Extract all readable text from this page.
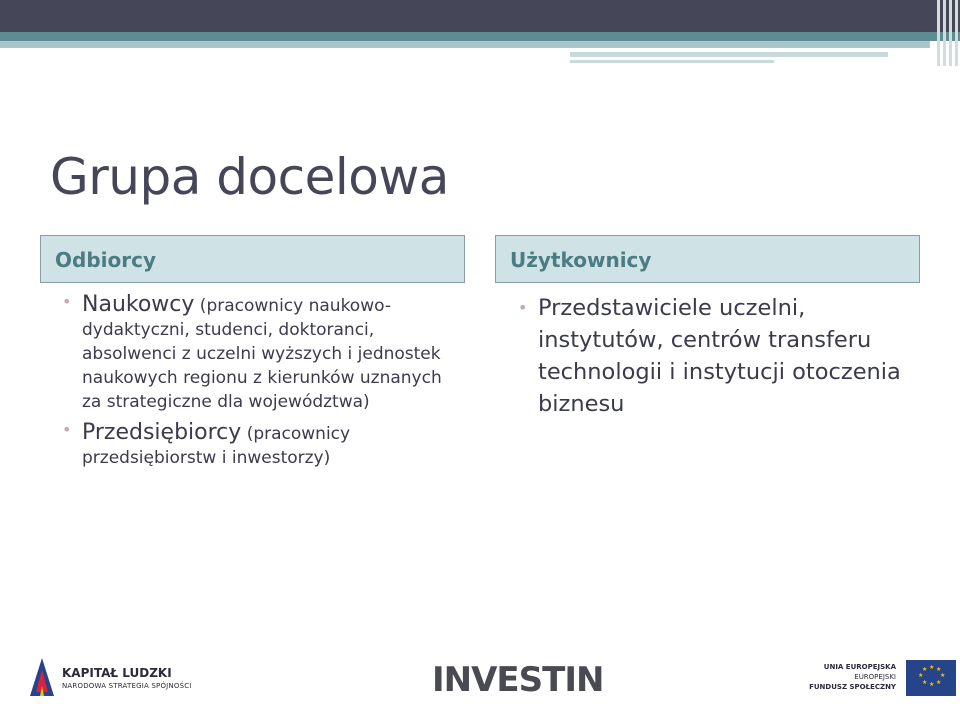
Grupa docelowa
Odbiorcy	Użytkownicy
• Naukowcy (pracownicy naukowo-dydaktyczni, studenci, doktoranci, absolwenci z uczelni wyższych i jednostek naukowych regionu z kierunków uznanych za strategiczne dla województwa)
• Przedsiębiorcy (pracownicy przedsiębiorstw i inwestorzy)
• Przedstawiciele uczelni, instytutów, centrów transferu technologii i instytucji otoczenia biznesu
KAPITAŁ LUDZKI
NARODOWA STRATEGIA SPÓJNOŚCI	INVESTIN	UNIA EUROPEJSKA
EUROPEJSKI
FUNDUSZ SPOŁECZNY
★ ★
★
★
★
★
★
★
